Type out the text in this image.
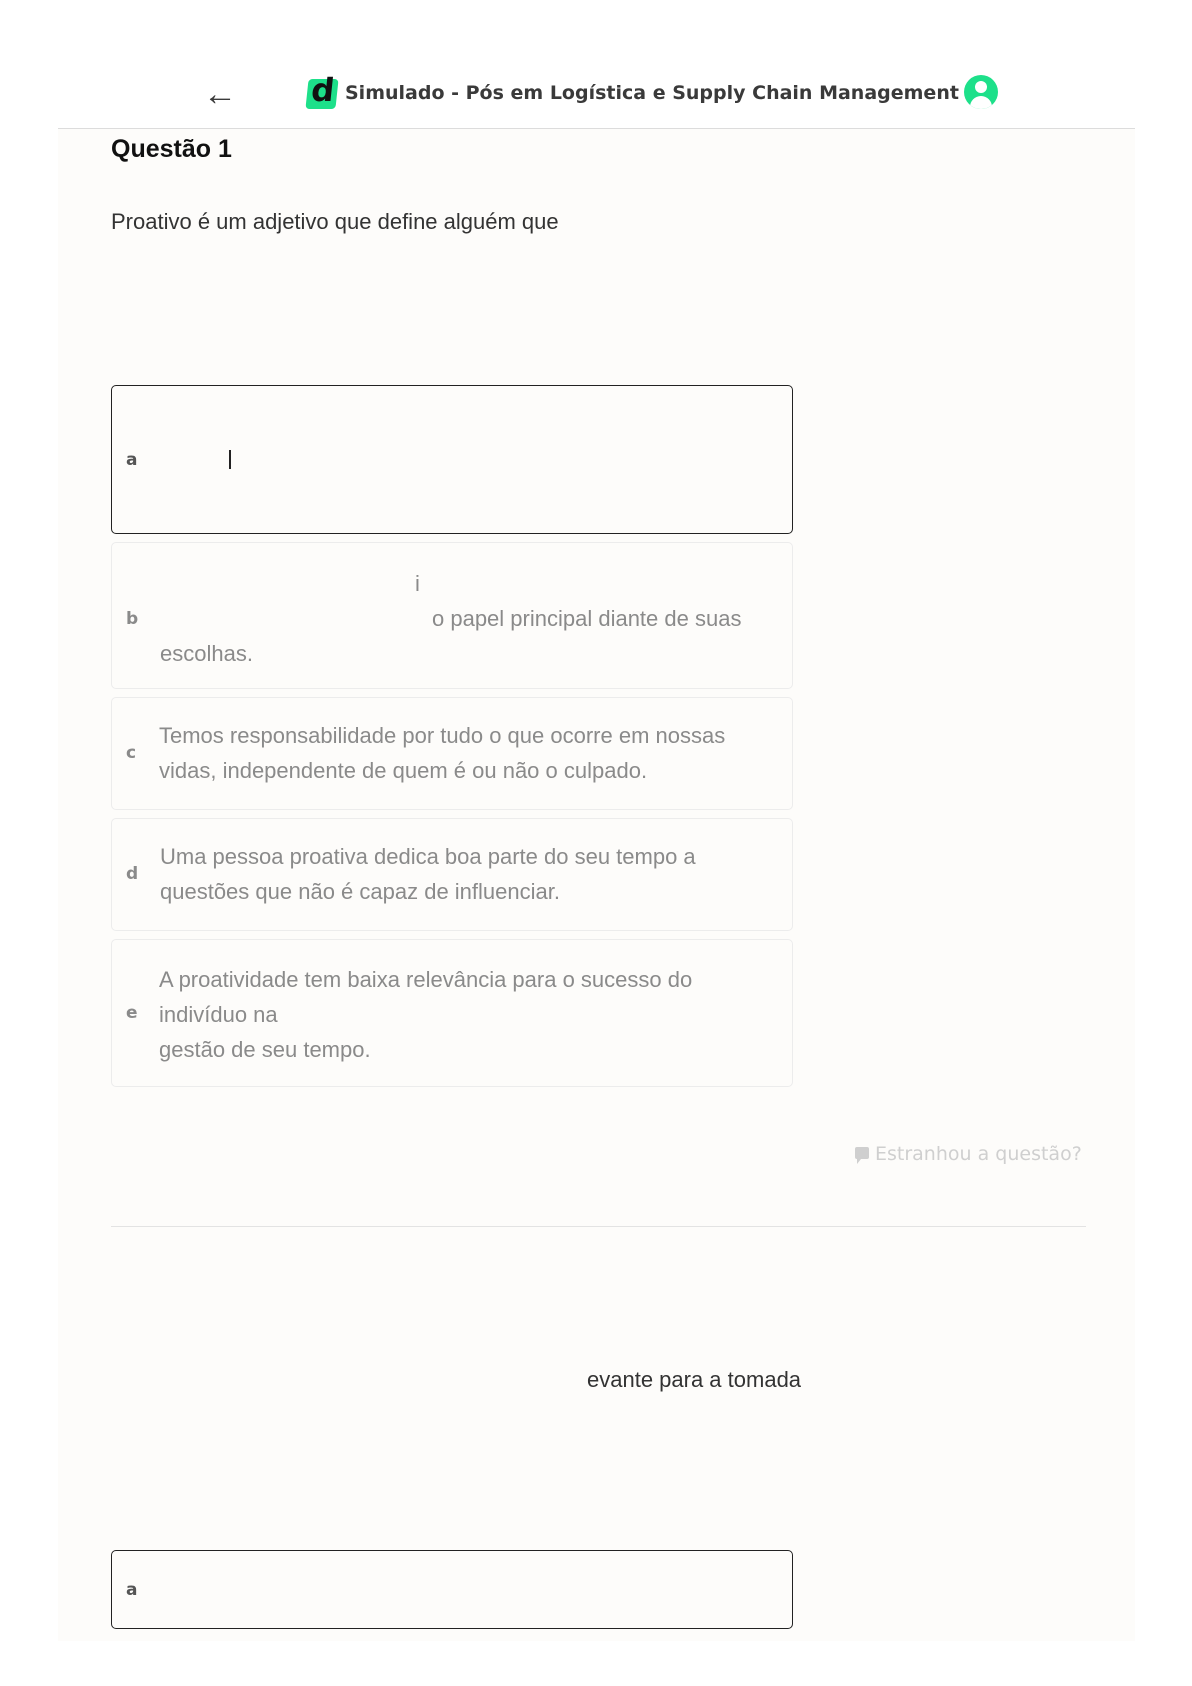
← d Simulado - Pós em Logística e Supply Chain Management
Questão 1
Proativo é um adjetivo que define alguém que
a
b
i
o papel principal diante de suas
escolhas.
c
Temos responsabilidade por tudo o que ocorre em nossas
vidas, independente de quem é ou não o culpado.
d
Uma pessoa proativa dedica boa parte do seu tempo a
questões que não é capaz de influenciar.
e
A proatividade tem baixa relevância para o sucesso do
indivíduo na
gestão de seu tempo.
Estranhou a questão?
evante para a tomada
a
